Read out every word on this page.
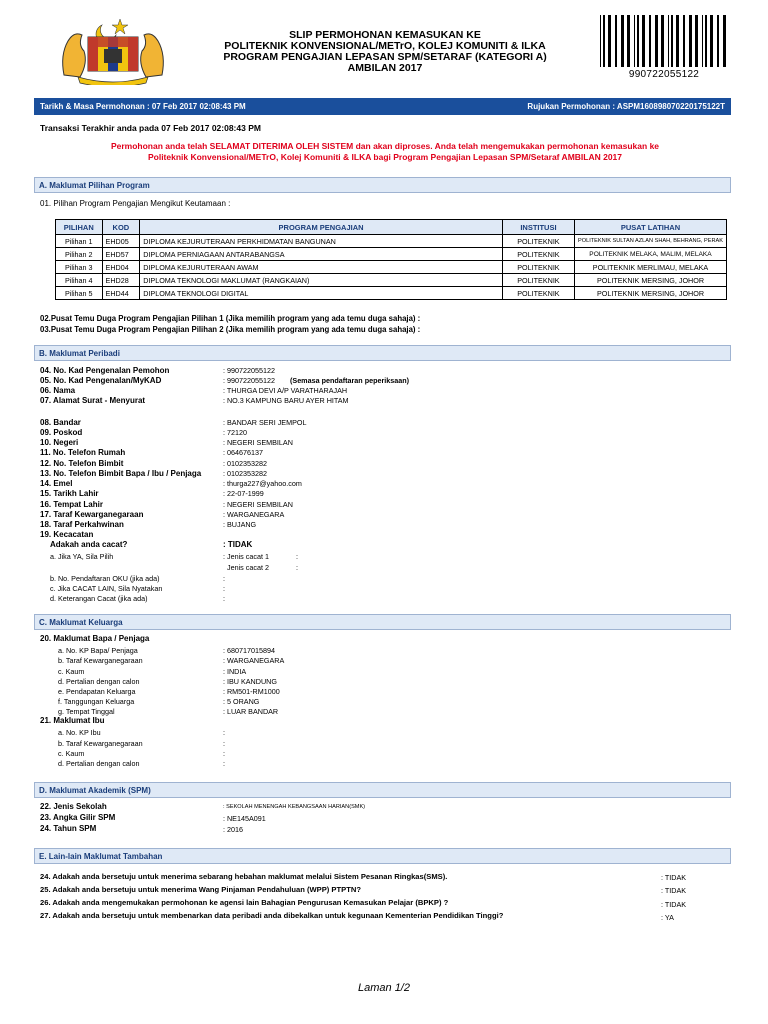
SLIP PERMOHONAN KEMASUKAN KE
POLITEKNIK KONVENSIONAL/METrO, KOLEJ KOMUNITI & ILKA
PROGRAM PENGAJIAN LEPASAN SPM/SETARAF (KATEGORI A)
AMBILAN 2017
990722055122
Tarikh & Masa Permohonan : 07 Feb 2017 02:08:43 PM	Rujukan Permohonan : ASPM160898070220175122T
Transaksi Terakhir anda pada 07 Feb 2017 02:08:43 PM
Permohonan anda telah SELAMAT DITERIMA OLEH SISTEM dan akan diproses. Anda telah mengemukakan permohonan kemasukan ke
Politeknik Konvensional/METrO, Kolej Komuniti & ILKA bagi Program Pengajian Lepasan SPM/Setaraf AMBILAN 2017
A. Maklumat Pilihan Program
01. Pilihan Program Pengajian Mengikut Keutamaan :
PILIHAN	KOD	PROGRAM PENGAJIAN	INSTITUSI	PUSAT LATIHAN
Pilihan 1	EHD05	DIPLOMA KEJURUTERAAN PERKHIDMATAN BANGUNAN	POLITEKNIK	POLITEKNIK SULTAN AZLAN SHAH, BEHRANG, PERAK
Pilihan 2	EHD57	DIPLOMA PERNIAGAAN ANTARABANGSA	POLITEKNIK	POLITEKNIK MELAKA, MALIM, MELAKA
Pilihan 3	EHD04	DIPLOMA KEJURUTERAAN AWAM	POLITEKNIK	POLITEKNIK MERLIMAU, MELAKA
Pilihan 4	EHD28	DIPLOMA TEKNOLOGI MAKLUMAT (RANGKAIAN)	POLITEKNIK	POLITEKNIK MERSING, JOHOR
Pilihan 5	EHD44	DIPLOMA TEKNOLOGI DIGITAL	POLITEKNIK	POLITEKNIK MERSING, JOHOR
02.Pusat Temu Duga Program Pengajian Pilihan 1 (Jika memilih program yang ada temu duga sahaja) :
03.Pusat Temu Duga Program Pengajian Pilihan 2 (Jika memilih program yang ada temu duga sahaja) :
B. Maklumat Peribadi
04. No. Kad Pengenalan Pemohon	: 990722055122
05. No. Kad Pengenalan/MyKAD	: 990722055122 (Semasa pendaftaran peperiksaan)
06. Nama	: THURGA DEVI A/P VARATHARAJAH
07. Alamat Surat - Menyurat	: NO.3 KAMPUNG BARU AYER HITAM
08. Bandar	: BANDAR SERI JEMPOL
09. Poskod	: 72120
10. Negeri	: NEGERI SEMBILAN
11. No. Telefon Rumah	: 064676137
12. No. Telefon Bimbit	: 0102353282
13. No. Telefon Bimbit Bapa / Ibu / Penjaga	: 0102353282
14. Emel	: thurga227@yahoo.com
15. Tarikh Lahir	: 22-07-1999
16. Tempat Lahir	: NEGERI SEMBILAN
17. Taraf Kewarganegaraan	: WARGANEGARA
18. Taraf Perkahwinan	: BUJANG
19. Kecacatan
Adakah anda cacat?	: TIDAK
a. Jika YA, Sila Pilih	: Jenis cacat 1	:
Jenis cacat 2	:
b. No. Pendaftaran OKU (jika ada)	:
c. Jika CACAT LAIN, Sila Nyatakan	:
d. Keterangan Cacat (jika ada)	:
C. Maklumat Keluarga
20. Maklumat Bapa / Penjaga
a. No. KP Bapa/ Penjaga	: 680717015894
b. Taraf Kewarganegaraan	: WARGANEGARA
c. Kaum	: INDIA
d. Pertalian dengan calon	: IBU KANDUNG
e. Pendapatan Keluarga	: RM501-RM1000
f. Tanggungan Keluarga	: 5 ORANG
g. Tempat Tinggal	: LUAR BANDAR
21. Maklumat Ibu
a. No. KP Ibu	:
b. Taraf Kewarganegaraan	:
c. Kaum	:
d. Pertalian dengan calon	:
D. Maklumat Akademik (SPM)
22. Jenis Sekolah	: SEKOLAH MENENGAH KEBANGSAAN HARIAN(SMK)
23. Angka Gilir SPM	: NE145A091
24. Tahun SPM	: 2016
E. Lain-lain Maklumat Tambahan
24. Adakah anda bersetuju untuk menerima sebarang hebahan maklumat melalui Sistem Pesanan Ringkas(SMS).	: TIDAK
25. Adakah anda bersetuju untuk menerima Wang Pinjaman Pendahuluan (WPP) PTPTN?	: TIDAK
26. Adakah anda mengemukakan permohonan ke agensi lain Bahagian Pengurusan Kemasukan Pelajar (BPKP) ?	: TIDAK
27. Adakah anda bersetuju untuk membenarkan data peribadi anda dibekalkan untuk kegunaan Kementerian Pendidikan Tinggi?	: YA
Laman 1/2
